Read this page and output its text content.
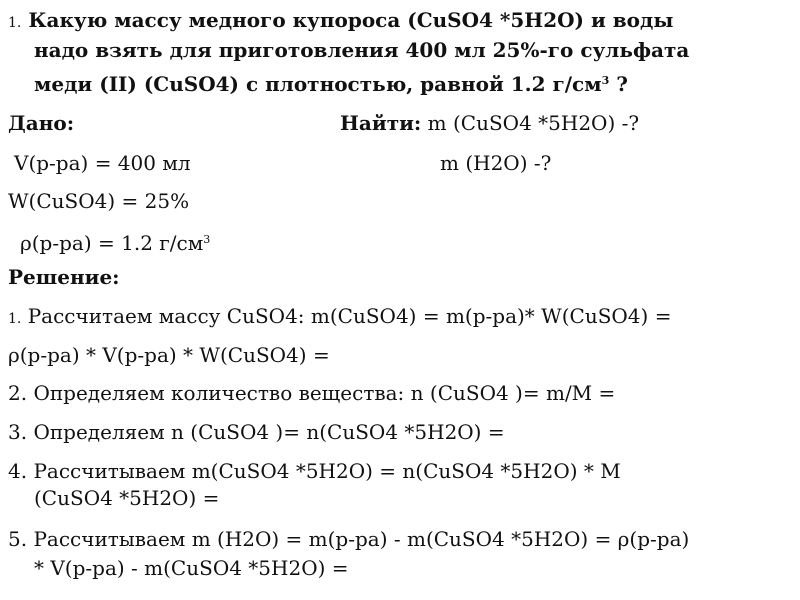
1. Какую массу медного купороса (CuSO4 *5H2O) и воды
надо взять для приготовления 400 мл 25%-го сульфата
меди (II) (CuSO4) с плотностью, равной 1.2 $г/см^3$ ?
Дано:	Найти: m (CuSO4 *5H2O) -?
V(р-ра) = 400 мл	m (H2O) -?
W(CuSO4) = 25%
ρ(р-ра) = 1.2 $г/см^3$
Решение:
1. Рассчитаем массу CuSO4: m(CuSO4) = m(р-ра)* W(CuSO4) =
ρ(р-ра) * V(р-ра) * W(CuSO4) =
2. Определяем количество вещества: n (CuSO4 )= m/M =
3. Определяем n (CuSO4 )= n(CuSO4 *5H2O) =
4. Рассчитываем m(CuSO4 *5H2O) = n(CuSO4 *5H2O) * M
(CuSO4 *5H2O) =
5. Рассчитываем m (H2O) = m(р-ра) - m(CuSO4 *5H2O) = ρ(р-ра)
* V(р-ра) - m(CuSO4 *5H2O) =
